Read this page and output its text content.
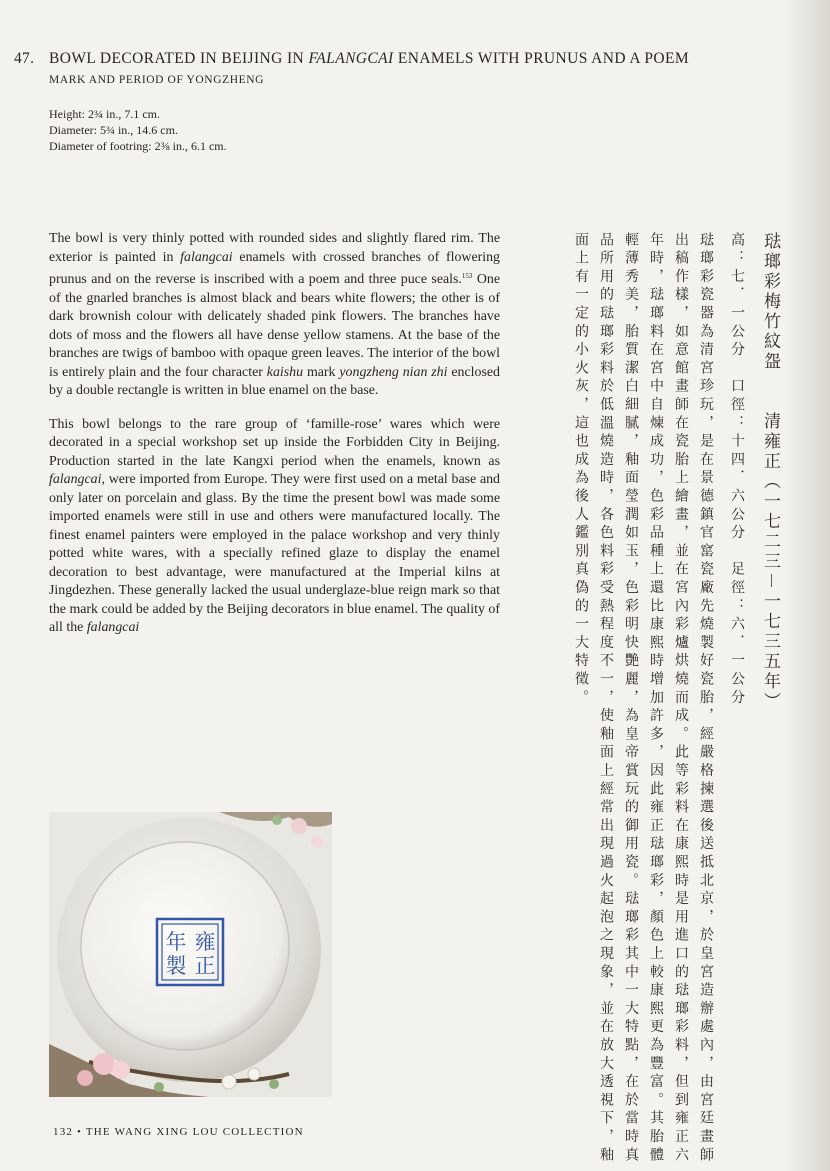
47. BOWL DECORATED IN BEIJING IN FALANGCAI ENAMELS WITH PRUNUS AND A POEM
MARK AND PERIOD OF YONGZHENG
Height: 2¾ in., 7.1 cm.
Diameter: 5¾ in., 14.6 cm.
Diameter of footring: 2⅜ in., 6.1 cm.

The bowl is very thinly potted with rounded sides and slightly flared rim. The exterior is painted in falangcai enamels with crossed branches of flowering prunus and on the reverse is inscribed with a poem and three puce seals.$^{153}$ One of the gnarled branches is almost black and bears white flowers; the other is of dark brownish colour with delicately shaded pink flowers. The branches have dots of moss and the flowers all have dense yellow stamens. At the base of the branches are twigs of bamboo with opaque green leaves. The interior of the bowl is entirely plain and the four character kaishu mark yongzheng nian zhi enclosed by a double rectangle is written in blue enamel on the base.

This bowl belongs to the rare group of ‘famille-rose’ wares which were decorated in a special workshop set up inside the Forbidden City in Beijing. Production started in the late Kangxi period when the enamels, known as falangcai, were imported from Europe. They were first used on a metal base and only later on porcelain and glass. By the time the present bowl was made some imported enamels were still in use and others were manufactured locally. The finest enamel painters were employed in the palace workshop and very thinly potted white wares, with a specially refined glaze to display the enamel decoration to best advantage, were manufactured at the Imperial kilns at Jingdezhen. These generally lacked the usual underglaze-blue reign mark so that the mark could be added by the Beijing decorators in blue enamel. The quality of all the falangcai	琺瑯彩梅竹紋盌　　清雍正（一七二三－一七三五年）

高：七．一公分　口徑：十四．六公分　足徑：六．一公分

琺瑯彩瓷器為清宮珍玩，是在景德鎮官窰瓷廠先燒製好瓷胎，經嚴格揀選後送抵北京，於皇宮造辦處內，由宮廷畫師出稿作樣，如意館畫師在瓷胎上繪畫，並在宮內彩爐烘燒而成。此等彩料在康熙時是用進口的琺瑯彩料，但到雍正六年時，琺瑯料在宮中自煉成功，色彩品種上還比康熙時增加許多，因此雍正琺瑯彩，顏色上較康熙更為豐富。其胎體輕薄秀美，胎質潔白細膩，釉面瑩潤如玉，色彩明快艷麗，為皇帝賞玩的御用瓷。琺瑯彩其中一大特點，在於當時真品所用的琺瑯彩料於低溫燒造時，各色料彩受熱程度不一，使釉面上經常出現過火起泡之現象，並在放大透視下，釉面上有一定的小火灰，這也成為後人鑑別真偽的一大特徵。

雍
正
年
製
132 • THE WANG XING LOU COLLECTION
